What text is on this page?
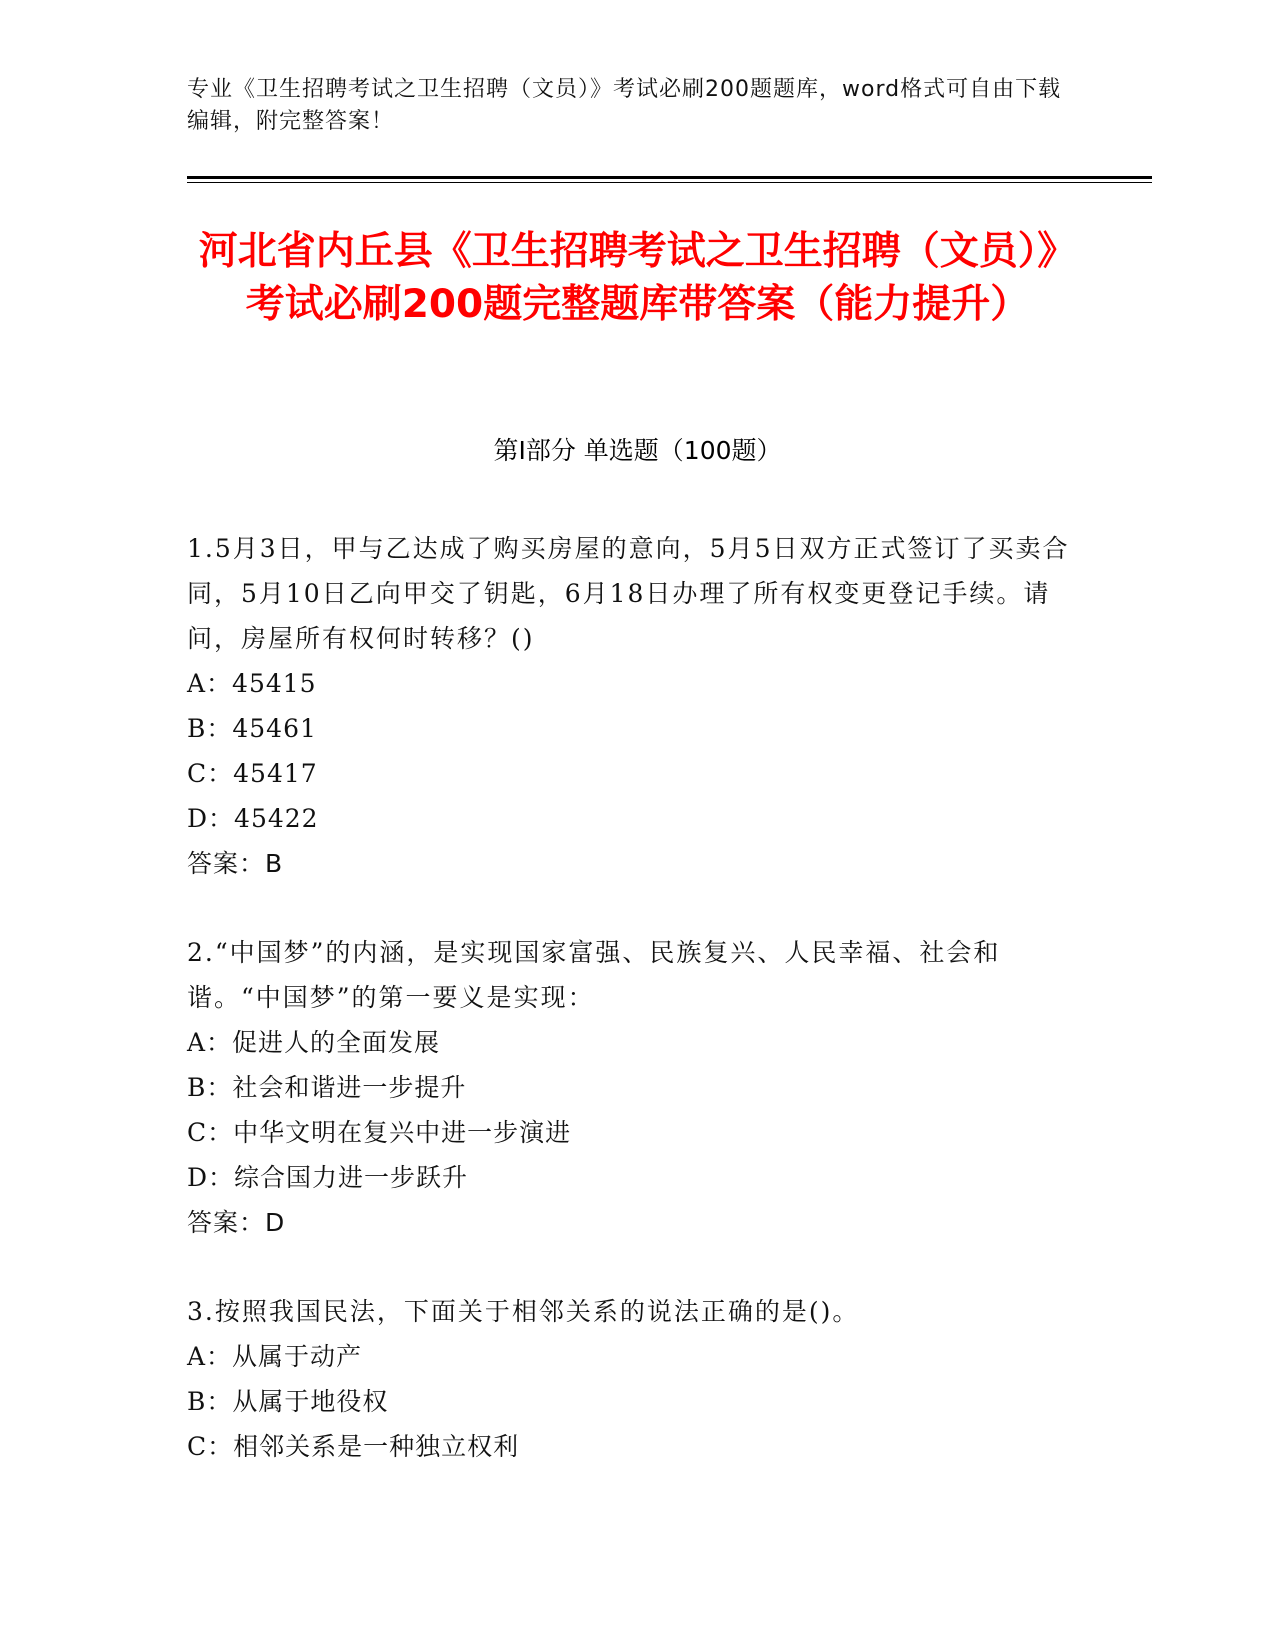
专业《卫生招聘考试之卫生招聘（文员）》考试必刷200题题库，word格式可自由下载编辑，附完整答案！
河北省内丘县《卫生招聘考试之卫生招聘（文员）》考试必刷200题完整题库带答案（能力提升）
第Ⅰ部分 单选题（100题）
1.5月3日，甲与乙达成了购买房屋的意向，5月5日双方正式签订了买卖合同，5月10日乙向甲交了钥匙，6月18日办理了所有权变更登记手续。请问，房屋所有权何时转移？()
A：45415
B：45461
C：45417
D：45422
答案：B
2.“中国梦”的内涵，是实现国家富强、民族复兴、人民幸福、社会和谐。“中国梦”的第一要义是实现：
A：促进人的全面发展
B：社会和谐进一步提升
C：中华文明在复兴中进一步演进
D：综合国力进一步跃升
答案：D
3.按照我国民法，下面关于相邻关系的说法正确的是()。
A：从属于动产
B：从属于地役权
C：相邻关系是一种独立权利
